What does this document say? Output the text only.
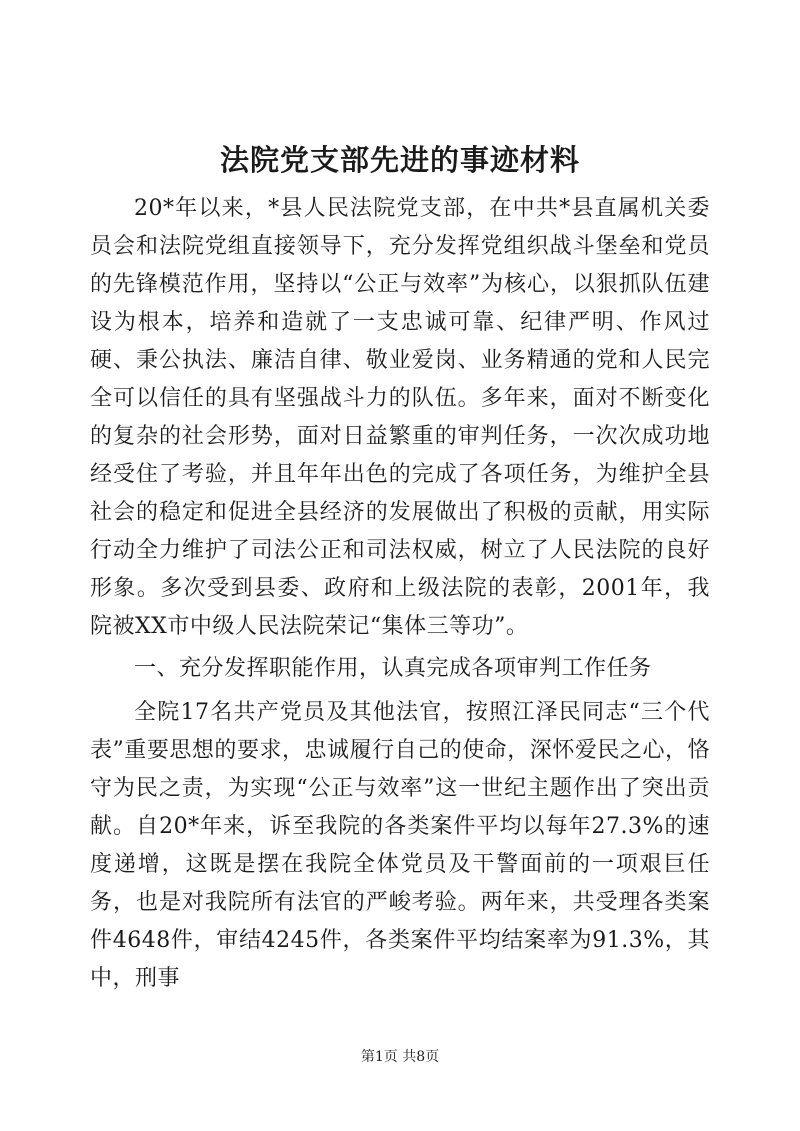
法院党支部先进的事迹材料

20*年以来，*县人民法院党支部，在中共*县直属机关委员会和法院党组直接领导下，充分发挥党组织战斗堡垒和党员的先锋模范作用，坚持以“公正与效率”为核心，以狠抓队伍建设为根本，培养和造就了一支忠诚可靠、纪律严明、作风过硬、秉公执法、廉洁自律、敬业爱岗、业务精通的党和人民完全可以信任的具有坚强战斗力的队伍。多年来，面对不断变化的复杂的社会形势，面对日益繁重的审判任务，一次次成功地经受住了考验，并且年年出色的完成了各项任务，为维护全县社会的稳定和促进全县经济的发展做出了积极的贡献，用实际行动全力维护了司法公正和司法权威，树立了人民法院的良好形象。多次受到县委、政府和上级法院的表彰，2001年，我院被XX市中级人民法院荣记“集体三等功”。

一、充分发挥职能作用，认真完成各项审判工作任务

全院17名共产党员及其他法官，按照江泽民同志“三个代表”重要思想的要求，忠诚履行自己的使命，深怀爱民之心，恪守为民之责，为实现“公正与效率”这一世纪主题作出了突出贡献。自20*年来，诉至我院的各类案件平均以每年27.3%的速度递增，这既是摆在我院全体党员及干警面前的一项艰巨任务，也是对我院所有法官的严峻考验。两年来，共受理各类案件4648件，审结4245件，各类案件平均结案率为91.3%，其中，刑事

第1页 共8页
